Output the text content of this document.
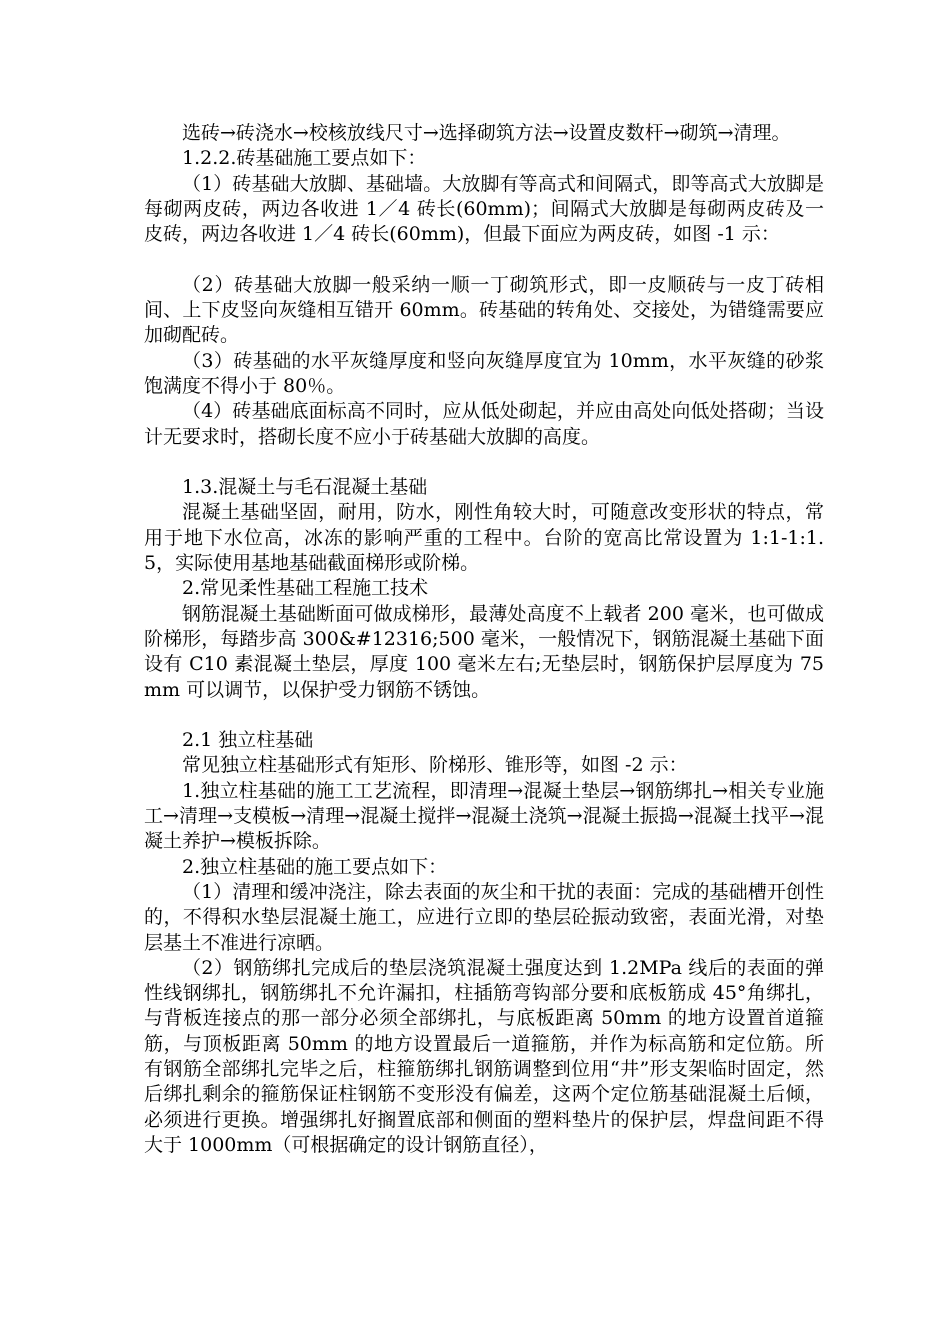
选砖→砖浇水→校核放线尺寸→选择砌筑方法→设置皮数杆→砌筑→清理。

1.2.2.砖基础施工要点如下：

（1）砖基础大放脚、基础墙。大放脚有等高式和间隔式，即等高式大放脚是每砌两皮砖，两边各收进 1／4 砖长(60mm)；间隔式大放脚是每砌两皮砖及一皮砖，两边各收进 1／4 砖长(60mm)，但最下面应为两皮砖，如图 -1 示：

（2）砖基础大放脚一般采纳一顺一丁砌筑形式，即一皮顺砖与一皮丁砖相间、上下皮竖向灰缝相互错开 60mm。砖基础的转角处、交接处，为错缝需要应加砌配砖。

（3）砖基础的水平灰缝厚度和竖向灰缝厚度宜为 10mm，水平灰缝的砂浆饱满度不得小于 80％。

（4）砖基础底面标高不同时，应从低处砌起，并应由高处向低处搭砌；当设计无要求时，搭砌长度不应小于砖基础大放脚的高度。

1.3.混凝土与毛石混凝土基础

混凝土基础坚固，耐用，防水，刚性角较大时，可随意改变形状的特点，常用于地下水位高，冰冻的影响严重的工程中。台阶的宽高比常设置为 1:1-1:1.5，实际使用基地基础截面梯形或阶梯。

2.常见柔性基础工程施工技术

钢筋混凝土基础断面可做成梯形，最薄处高度不上载者 200 毫米，也可做成阶梯形，每踏步高 300&#12316;500 毫米，一般情况下，钢筋混凝土基础下面设有 C10 素混凝土垫层，厚度 100 毫米左右;无垫层时，钢筋保护层厚度为 75mm 可以调节，以保护受力钢筋不锈蚀。

2.1 独立柱基础

常见独立柱基础形式有矩形、阶梯形、锥形等，如图 -2 示：

1.独立柱基础的施工工艺流程，即清理→混凝土垫层→钢筋绑扎→相关专业施工→清理→支模板→清理→混凝土搅拌→混凝土浇筑→混凝土振捣→混凝土找平→混凝土养护→模板拆除。

2.独立柱基础的施工要点如下：

（1）清理和缓冲浇注，除去表面的灰尘和干扰的表面：完成的基础槽开创性的，不得积水垫层混凝土施工，应进行立即的垫层砼振动致密，表面光滑，对垫层基土不准进行凉晒。

（2）钢筋绑扎完成后的垫层浇筑混凝土强度达到 1.2MPa 线后的表面的弹性线钢绑扎，钢筋绑扎不允许漏扣，柱插筋弯钩部分要和底板筋成 45°角绑扎，与背板连接点的那一部分必须全部绑扎，与底板距离 50mm 的地方设置首道箍筋，与顶板距离 50mm 的地方设置最后一道箍筋，并作为标高筋和定位筋。所有钢筋全部绑扎完毕之后，柱箍筋绑扎钢筋调整到位用“井”形支架临时固定，然后绑扎剩余的箍筋保证柱钢筋不变形没有偏差，这两个定位筋基础混凝土后倾，必须进行更换。增强绑扎好搁置底部和侧面的塑料垫片的保护层，焊盘间距不得大于 1000mm（可根据确定的设计钢筋直径），
